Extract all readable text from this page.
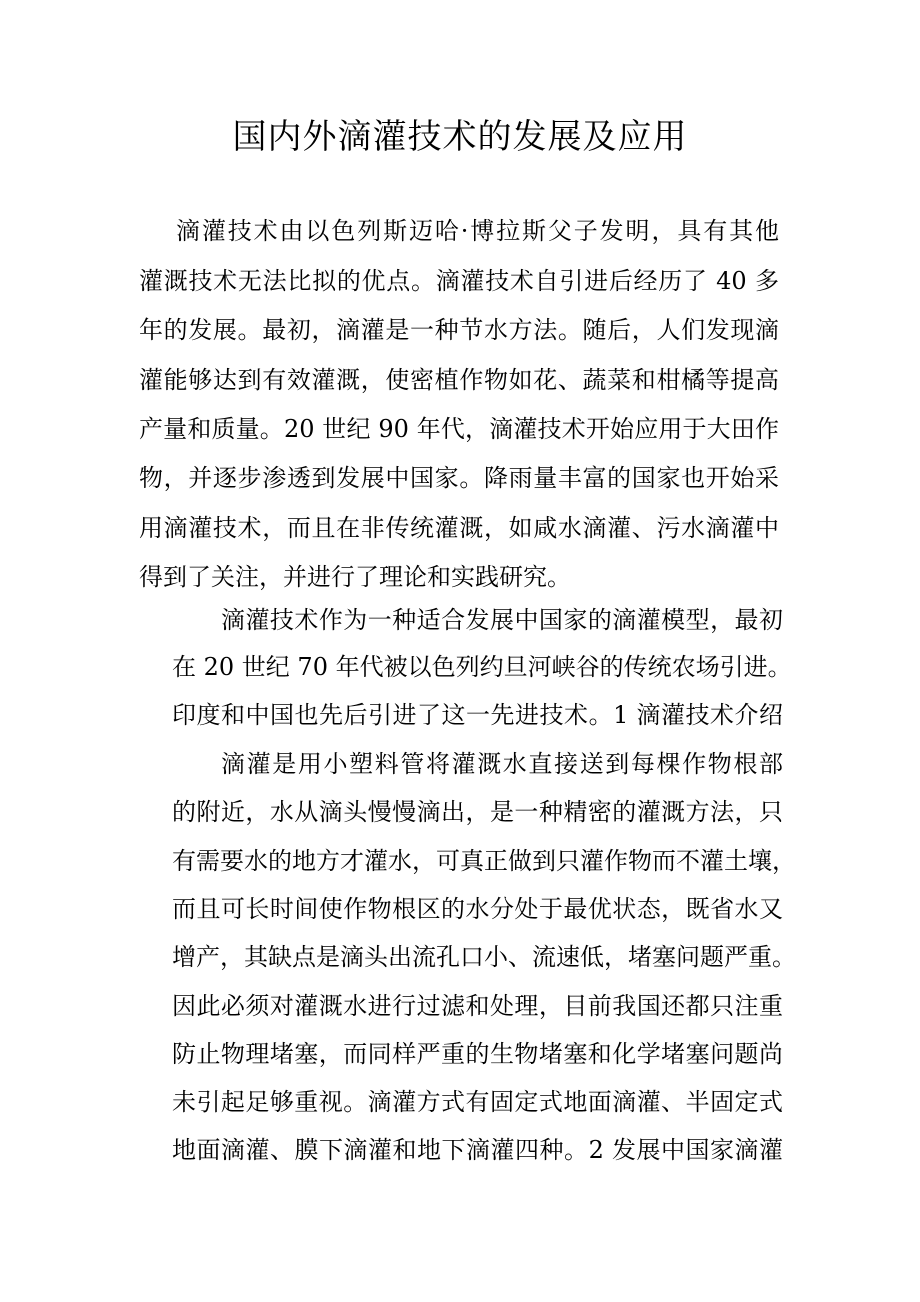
国内外滴灌技术的发展及应用

滴灌技术由以色列斯迈哈·博拉斯父子发明，具有其他

灌溉技术无法比拟的优点。滴灌技术自引进后经历了 40 多

年的发展。最初，滴灌是一种节水方法。随后，人们发现滴

灌能够达到有效灌溉，使密植作物如花、蔬菜和柑橘等提高

产量和质量。20 世纪 90 年代，滴灌技术开始应用于大田作

物，并逐步渗透到发展中国家。降雨量丰富的国家也开始采

用滴灌技术，而且在非传统灌溉，如咸水滴灌、污水滴灌中

得到了关注，并进行了理论和实践研究。

滴灌技术作为一种适合发展中国家的滴灌模型，最初

在 20 世纪 70 年代被以色列约旦河峡谷的传统农场引进。

印度和中国也先后引进了这一先进技术。1 滴灌技术介绍

滴灌是用小塑料管将灌溉水直接送到每棵作物根部

的附近，水从滴头慢慢滴出，是一种精密的灌溉方法，只

有需要水的地方才灌水，可真正做到只灌作物而不灌土壤，

而且可长时间使作物根区的水分处于最优状态，既省水又

增产，其缺点是滴头出流孔口小、流速低，堵塞问题严重。

因此必须对灌溉水进行过滤和处理，目前我国还都只注重

防止物理堵塞，而同样严重的生物堵塞和化学堵塞问题尚

未引起足够重视。滴灌方式有固定式地面滴灌、半固定式

地面滴灌、膜下滴灌和地下滴灌四种。2 发展中国家滴灌
